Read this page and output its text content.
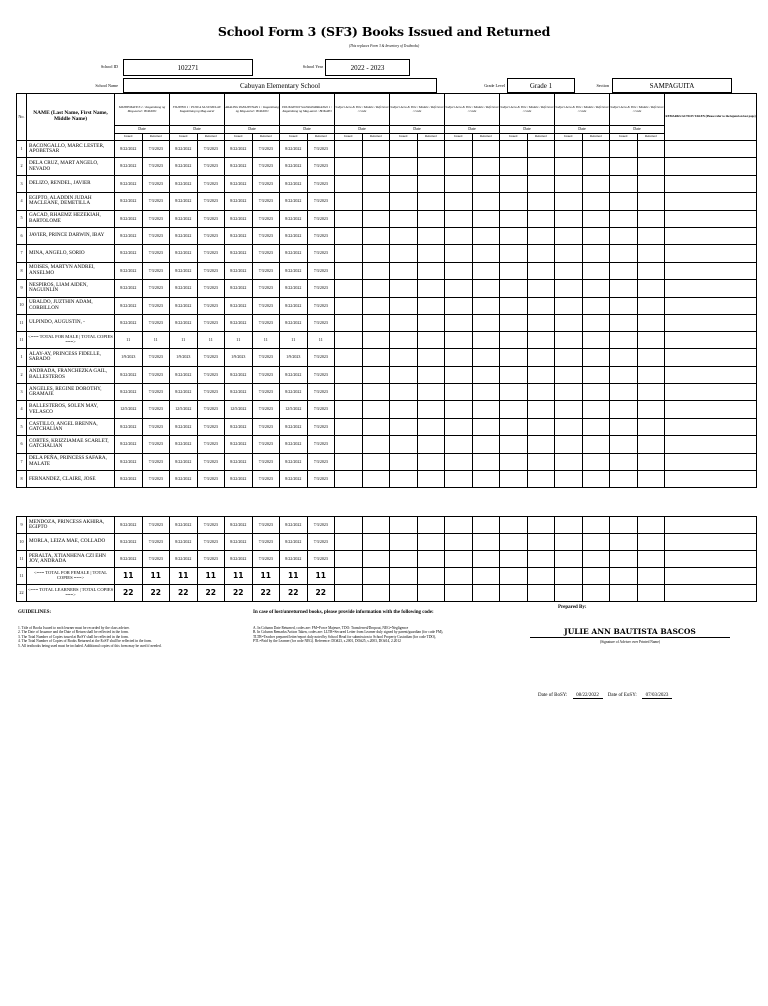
School Form 3 (SF3) Books Issued and Returned
(This replaces Form 3 & Inventory of Textbooks)
School ID	102271	School Year	2022 - 2023
School Name	Cabuyan Elementary School	Grade Level	Grade 1	Section	SAMPAGUITA
No.	NAME (Last Name, First Name, Middle Name)	MATHEMATICS 1 : Kagamitang ng Mag-aaral : BOKAYO		FILIPINO 1 : PUNLA SA SUMULAT: Kagamitang ng Mag-aaral		ARALING PANLIPUNAN 1 : Kagamitang ng Mag-aaral : BOKAYO		EDUKASYON SA PAGPAPAKATAO 1 : Kagamitang ng Mag-aaral : BOKAYO		Subject Area & Title / Module / Reference / Code		Subject Area & Title / Module / Reference / Code		Subject Area & Title / Module / Reference / Code		Subject Area & Title / Module / Reference / Code		Subject Area & Title / Module / Reference / Code		Subject Area & Title / Module / Reference / Code		REMARKS/ACTION TAKEN (Please refer to the legend on last page)
		Date		Date		Date		Date		Date		Date		Date		Date		Date		Date		
		Issued	Returned	Issued	Returned	Issued	Returned	Issued	Returned	Issued	Returned	Issued	Returned	Issued	Returned	Issued	Returned	Issued	Returned	Issued	Returned	
1	BACONGALLO, MARC LESTER, APOBETSAR	8/22/2022	7/3/2023	8/22/2022	7/3/2023	8/22/2022	7/3/2023	8/22/2022	7/3/2023													
2	DELA CRUZ, MART ANGELO, NEVADO	8/22/2022	7/3/2023	8/22/2022	7/3/2023	8/22/2022	7/3/2023	8/22/2022	7/3/2023													
3	DELIZO, RENDEL, JAVIER	8/22/2022	7/3/2023	8/22/2022	7/3/2023	8/22/2022	7/3/2023	8/22/2022	7/3/2023													
4	EGIPTO, ALADDIN JUDAH MACLEANE, DEMETILLA	8/22/2022	7/3/2023	8/22/2022	7/3/2023	8/22/2022	7/3/2023	8/22/2022	7/3/2023													
5	GACAD, RHAEMZ HEZEKIAH, BARTOLOME	8/22/2022	7/3/2023	8/22/2022	7/3/2023	8/22/2022	7/3/2023	8/22/2022	7/3/2023													
6	JAVIER, PRINCE DARWIN, IBAY	8/22/2022	7/3/2023	8/22/2022	7/3/2023	8/22/2022	7/3/2023	8/22/2022	7/3/2023													
7	MINA, ANGELO, SORIO	8/22/2022	7/3/2023	8/22/2022	7/3/2023	8/22/2022	7/3/2023	8/22/2022	7/3/2023													
8	MOISES, MARTYN ANDREI, ANSELMO	8/22/2022	7/3/2023	8/22/2022	7/3/2023	8/22/2022	7/3/2023	8/22/2022	7/3/2023													
9	NESPIROS, LIAM AIDEN, NAGUINLIN	8/22/2022	7/3/2023	8/22/2022	7/3/2023	8/22/2022	7/3/2023	8/22/2022	7/3/2023													
10	UBALDO, JUZTHIN ADAM, CORBILLON	8/22/2022	7/3/2023	8/22/2022	7/3/2023	8/22/2022	7/3/2023	8/22/2022	7/3/2023													
11	ULPINDO, AUGUSTIN, -	8/22/2022	7/3/2023	8/22/2022	7/3/2023	8/22/2022	7/3/2023	8/22/2022	7/3/2023													
11	<=== TOTAL FOR MALE | TOTAL COPIES ===>	11	11	11	11	11	11	11	11													
1	ALAY-AY, PRINCESS FIDELLE, SABADO	1/9/2023	7/3/2023	1/9/2023	7/3/2023	1/9/2023	7/3/2023	1/9/2023	7/3/2023													
2	ANDRADA, FRANCHEZKA GAIL, BALLESTEROS	8/22/2022	7/3/2023	8/22/2022	7/3/2023	8/22/2022	7/3/2023	8/22/2022	7/3/2023													
3	ANGELES, REGINE DOROTHY, GRAMAJE	8/22/2022	7/3/2023	8/22/2022	7/3/2023	8/22/2022	7/3/2023	8/22/2022	7/3/2023													
4	BALLESTEROS, SOLEN MAY, VELASCO	12/5/2022	7/3/2023	12/5/2022	7/3/2023	12/5/2022	7/3/2023	12/5/2022	7/3/2023													
5	CASTILLO, ANGEL BRENNA, GATCHALIAN	8/22/2022	7/3/2023	8/22/2022	7/3/2023	8/22/2022	7/3/2023	8/22/2022	7/3/2023													
6	CORTES, KRIZZIAMAE SCARLET, GATCHALIAN	8/22/2022	7/3/2023	8/22/2022	7/3/2023	8/22/2022	7/3/2023	8/22/2022	7/3/2023													
7	DELA PEÑA, PRINCESS SAFARA, MALATE	8/22/2022	7/3/2023	8/22/2022	7/3/2023	8/22/2022	7/3/2023	8/22/2022	7/3/2023													
8	FERNANDEZ, CLAIRE, JOSE	8/22/2022	7/3/2023	8/22/2022	7/3/2023	8/22/2022	7/3/2023	8/22/2022	7/3/2023													
9	MENDOZA, PRINCESS AKHIRA, EGIPTO	8/22/2022	7/3/2023	8/22/2022	7/3/2023	8/22/2022	7/3/2023	8/22/2022	7/3/2023													
10	MORLA, LEIZA MAE, COLLADO	8/22/2022	7/3/2023	8/22/2022	7/3/2023	8/22/2022	7/3/2023	8/22/2022	7/3/2023													
11	PERALTA, XTIANHENA CZI EHN JOY, ANDRADA	8/22/2022	7/3/2023	8/22/2022	7/3/2023	8/22/2022	7/3/2023	8/22/2022	7/3/2023													
11	<=== TOTAL FOR FEMALE | TOTAL COPIES ===>	11	11	11	11	11	11	11	11													
22	<=== TOTAL LEARNERS | TOTAL COPIES ===>	22	22	22	22	22	22	22	22													
GUIDELINES:
1. Title of Books Issued to each learner must be recorded by the class adviser.
2. The Date of Issuance and the Date of Return shall be reflected in the form.
3. The Total Number of Copies issued at BoSY shall be reflected in the form.
4. The Total Number of Copies of Books Returned at the EoSY shall be reflected in the form.
5. All textbooks being used must be included. Additional copies of this form may be used if needed.
In case of lost/unreturned books, please provide information with the following code:
A. In Column Date Returned, codes are: FM=Force Majeure, TDO: Transferred/Dropout, NEG=Negligence
B. In Column Remarks/Action Taken, codes are: LLTR=Secured Letter from Learner duly signed by parent/guardian (for code FM),
TLTR=Teacher prepared letter/report duly noted by School Head for submission to School Property Custodian (for code TDO),
PTL=Paid by the Learner (for code NEG). Reference: DO#23, s.2001, DO#25, s.2003, DO#14, 2.2012
Prepared By:
JULIE ANN BAUTISTA BASCOS
(Signature of Adviser over Printed Name)
Date of BoSY: 08/22/2022 Date of EoSY: 07/03/2023
